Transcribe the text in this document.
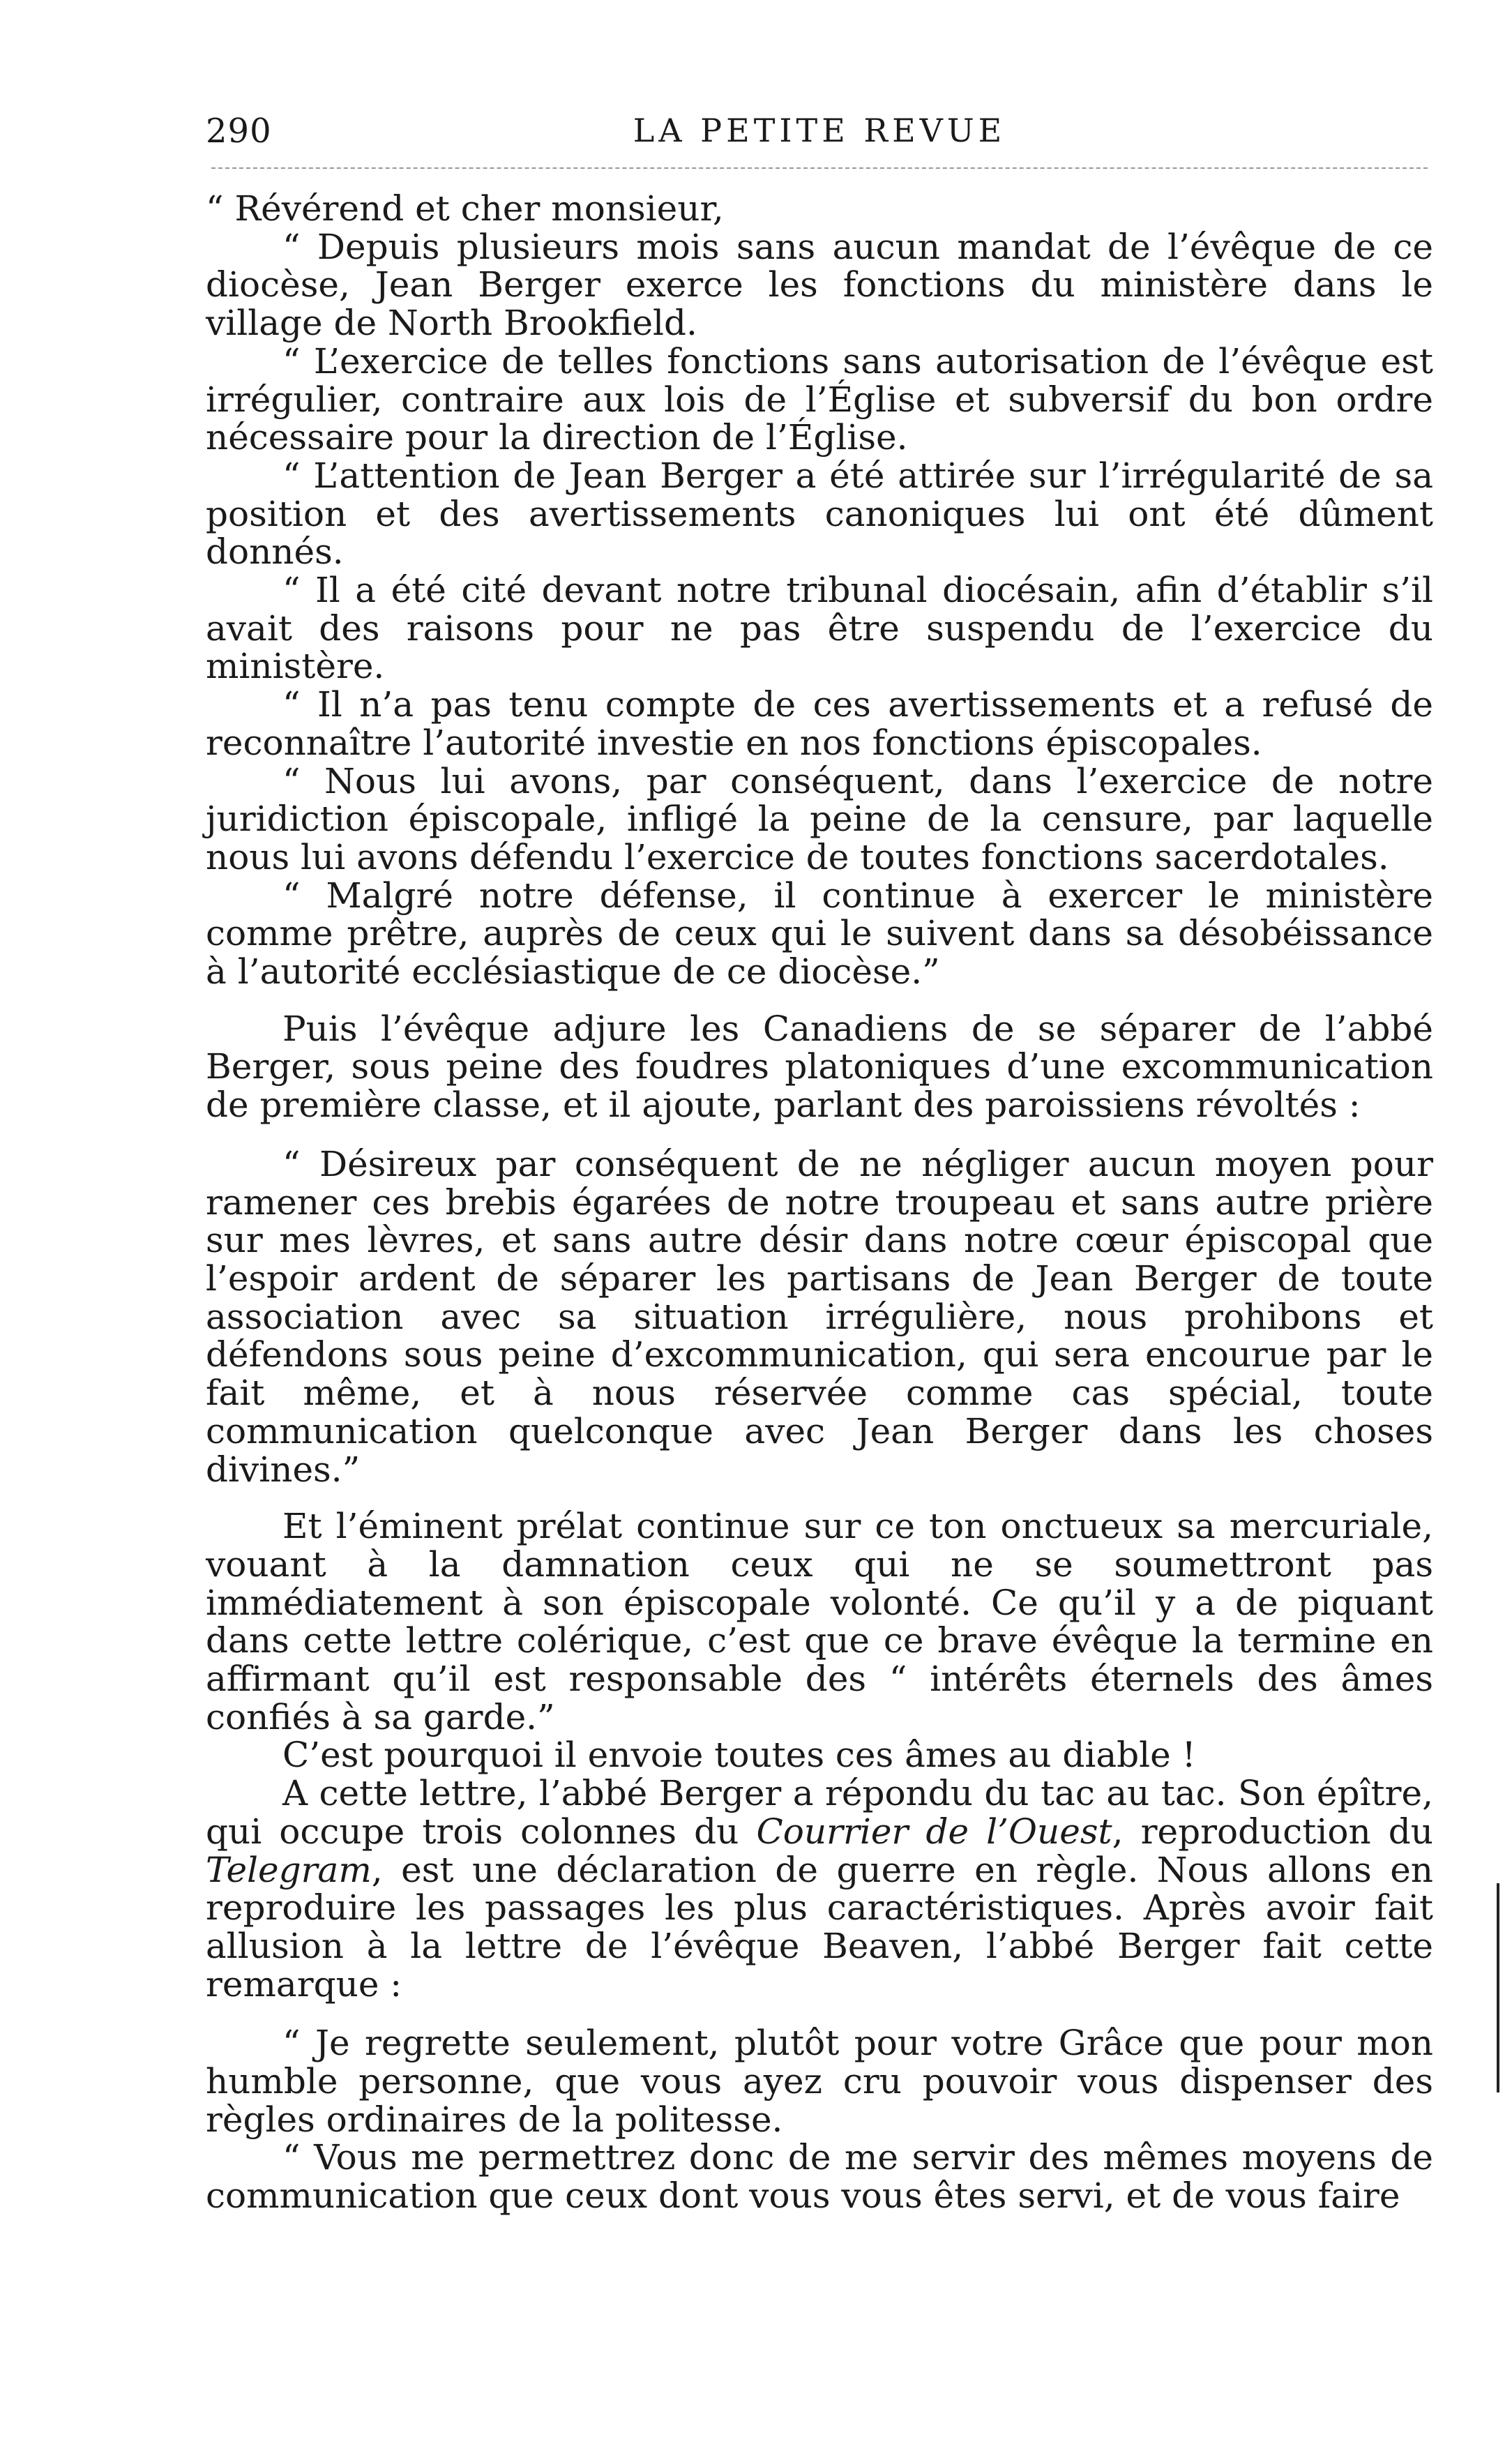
290	LA PETITE REVUE

“ Révérend et cher monsieur,

“ Depuis plusieurs mois sans aucun mandat de l’évêque de ce diocèse, Jean Berger exerce les fonctions du ministère dans le village de North Brookfield.

“ L’exercice de telles fonctions sans autorisation de l’évêque est irrégulier, contraire aux lois de l’Église et subversif du bon ordre nécessaire pour la direction de l’Église.

“ L’attention de Jean Berger a été attirée sur l’irrégularité de sa position et des avertissements canoniques lui ont été dûment donnés.

“ Il a été cité devant notre tribunal diocésain, afin d’établir s’il avait des raisons pour ne pas être suspendu de l’exercice du ministère.

“ Il n’a pas tenu compte de ces avertissements et a refusé de reconnaître l’autorité investie en nos fonctions épiscopales.

“ Nous lui avons, par conséquent, dans l’exercice de notre juridiction épiscopale, infligé la peine de la censure, par laquelle nous lui avons défendu l’exercice de toutes fonctions sacerdotales.

“ Malgré notre défense, il continue à exercer le ministère comme prêtre, auprès de ceux qui le suivent dans sa désobéissance à l’autorité ecclésiastique de ce diocèse.”

Puis l’évêque adjure les Canadiens de se séparer de l’abbé Berger, sous peine des foudres platoniques d’une excommunication de première classe, et il ajoute, parlant des paroissiens révoltés :

“ Désireux par conséquent de ne négliger aucun moyen pour ramener ces brebis égarées de notre troupeau et sans autre prière sur mes lèvres, et sans autre désir dans notre cœur épiscopal que l’espoir ardent de séparer les partisans de Jean Berger de toute association avec sa situation irrégulière, nous prohibons et défendons sous peine d’excommunication, qui sera encourue par le fait même, et à nous réservée comme cas spécial, toute communication quelconque avec Jean Berger dans les choses divines.”

Et l’éminent prélat continue sur ce ton onctueux sa mercuriale, vouant à la damnation ceux qui ne se soumettront pas immédiatement à son épiscopale volonté. Ce qu’il y a de piquant dans cette lettre colérique, c’est que ce brave évêque la termine en affirmant qu’il est responsable des “ intérêts éternels des âmes confiés à sa garde.”

C’est pourquoi il envoie toutes ces âmes au diable !

A cette lettre, l’abbé Berger a répondu du tac au tac. Son épître, qui occupe trois colonnes du Courrier de l’Ouest, reproduction du Telegram, est une déclaration de guerre en règle. Nous allons en reproduire les passages les plus caractéristiques. Après avoir fait allusion à la lettre de l’évêque Beaven, l’abbé Berger fait cette remarque :

“ Je regrette seulement, plutôt pour votre Grâce que pour mon humble personne, que vous ayez cru pouvoir vous dispenser des règles ordinaires de la politesse.

“ Vous me permettrez donc de me servir des mêmes moyens de communication que ceux dont vous vous êtes servi, et de vous faire
